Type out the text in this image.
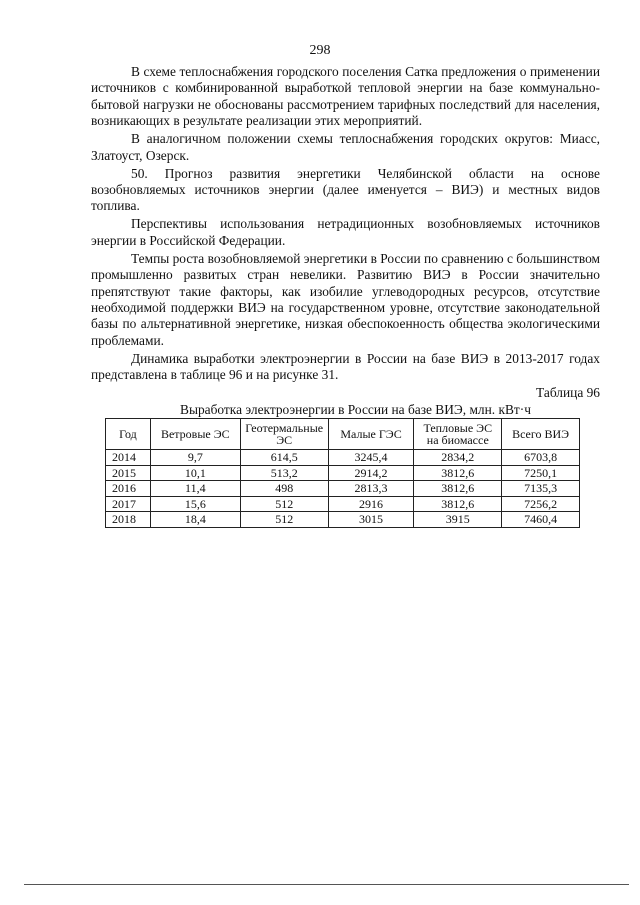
298

В схеме теплоснабжения городского поселения Сатка предложения о применении источников с комбинированной выработкой тепловой энергии на базе коммунально-бытовой нагрузки не обоснованы рассмотрением тарифных последствий для населения, возникающих в результате реализации этих мероприятий.

В аналогичном положении схемы теплоснабжения городских округов: Миасс, Златоуст, Озерск.

50. Прогноз развития энергетики Челябинской области на основе возобновляемых источников энергии (далее именуется – ВИЭ) и местных видов топлива.

Перспективы использования нетрадиционных возобновляемых источников энергии в Российской Федерации.

Темпы роста возобновляемой энергетики в России по сравнению с большинством промышленно развитых стран невелики. Развитию ВИЭ в России значительно препятствуют такие факторы, как изобилие углеводородных ресурсов, отсутствие необходимой поддержки ВИЭ на государственном уровне, отсутствие законодательной базы по альтернативной энергетике, низкая обеспокоенность общества экологическими проблемами.

Динамика выработки электроэнергии в России на базе ВИЭ в 2013-2017 годах представлена в таблице 96 и на рисунке 31.

Таблица 96
Выработка электроэнергии в России на базе ВИЭ, млн. кВт·ч
Год	Ветровые ЭС	Геотермальные ЭС	Малые ГЭС	Тепловые ЭС на биомассе	Всего ВИЭ
2014	9,7	614,5	3245,4	2834,2	6703,8
2015	10,1	513,2	2914,2	3812,6	7250,1
2016	11,4	498	2813,3	3812,6	7135,3
2017	15,6	512	2916	3812,6	7256,2
2018	18,4	512	3015	3915	7460,4
